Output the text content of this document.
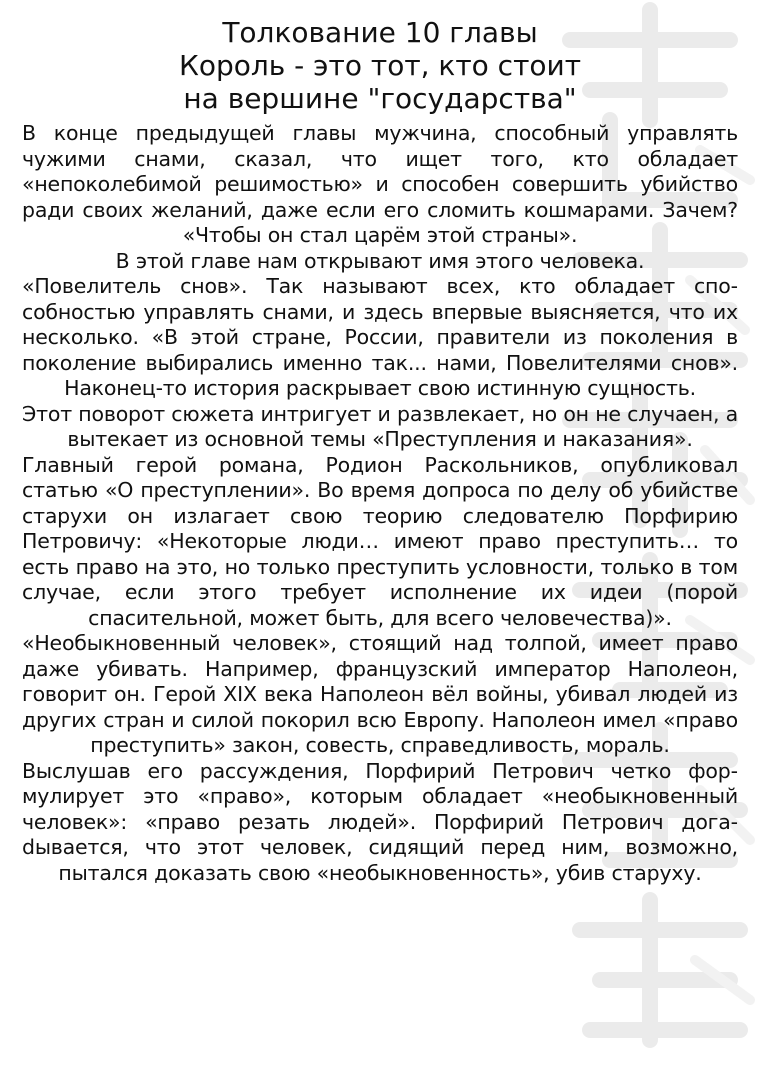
Толкование 10 главы
Король - это тот, кто стоит
на вершине "государства"

В конце предыдущей главы мужчина, способный управлять чужими снами, сказал, что ищет того, кто обладает «непоколебимой решимостью» и способен совершить убийство ради своих желаний, даже если его сломить кошмарами. Зачем? «Чтобы он стал царём этой страны».

В этой главе нам открывают имя этого человека.

«Повелитель снов». Так называют всех, кто обладает способностью управлять снами, и здесь впервые выясняется, что их несколько. «В этой стране, России, правители из поколения в поколение выбирались именно так... нами, Повелителями снов». Наконец-то история раскрывает свою истинную сущность.

Этот поворот сюжета интригует и развлекает, но он не случаен, а вытекает из основной темы «Преступления и наказания».

Главный герой романа, Родион Раскольников, опубликовал статью «О преступлении». Во время допроса по делу об убийстве старухи он излагает свою теорию следователю Порфирию Петровичу: «Некоторые люди… имеют право преступить… то есть право на это, но только преступить условности, только в том случае, если этого требует исполнение их идеи (порой спасительной, может быть, для всего человечества)».

«Необыкновенный человек», стоящий над толпой, имеет право даже убивать. Например, французский император Наполеон, говорит он. Герой XIX века Наполеон вёл войны, убивал людей из других стран и силой покорил всю Европу. Наполеон имел «право преступить» закон, совесть, справедливость, мораль.

Выслушав его рассуждения, Порфирий Петрович четко формулирует это «право», которым обладает «необыкновенный человек»: «право резать людей». Порфирий Петрович догаdывается, что этот человек, сидящий перед ним, возможно, пытался доказать свою «необыкновенность», убив старуху.
